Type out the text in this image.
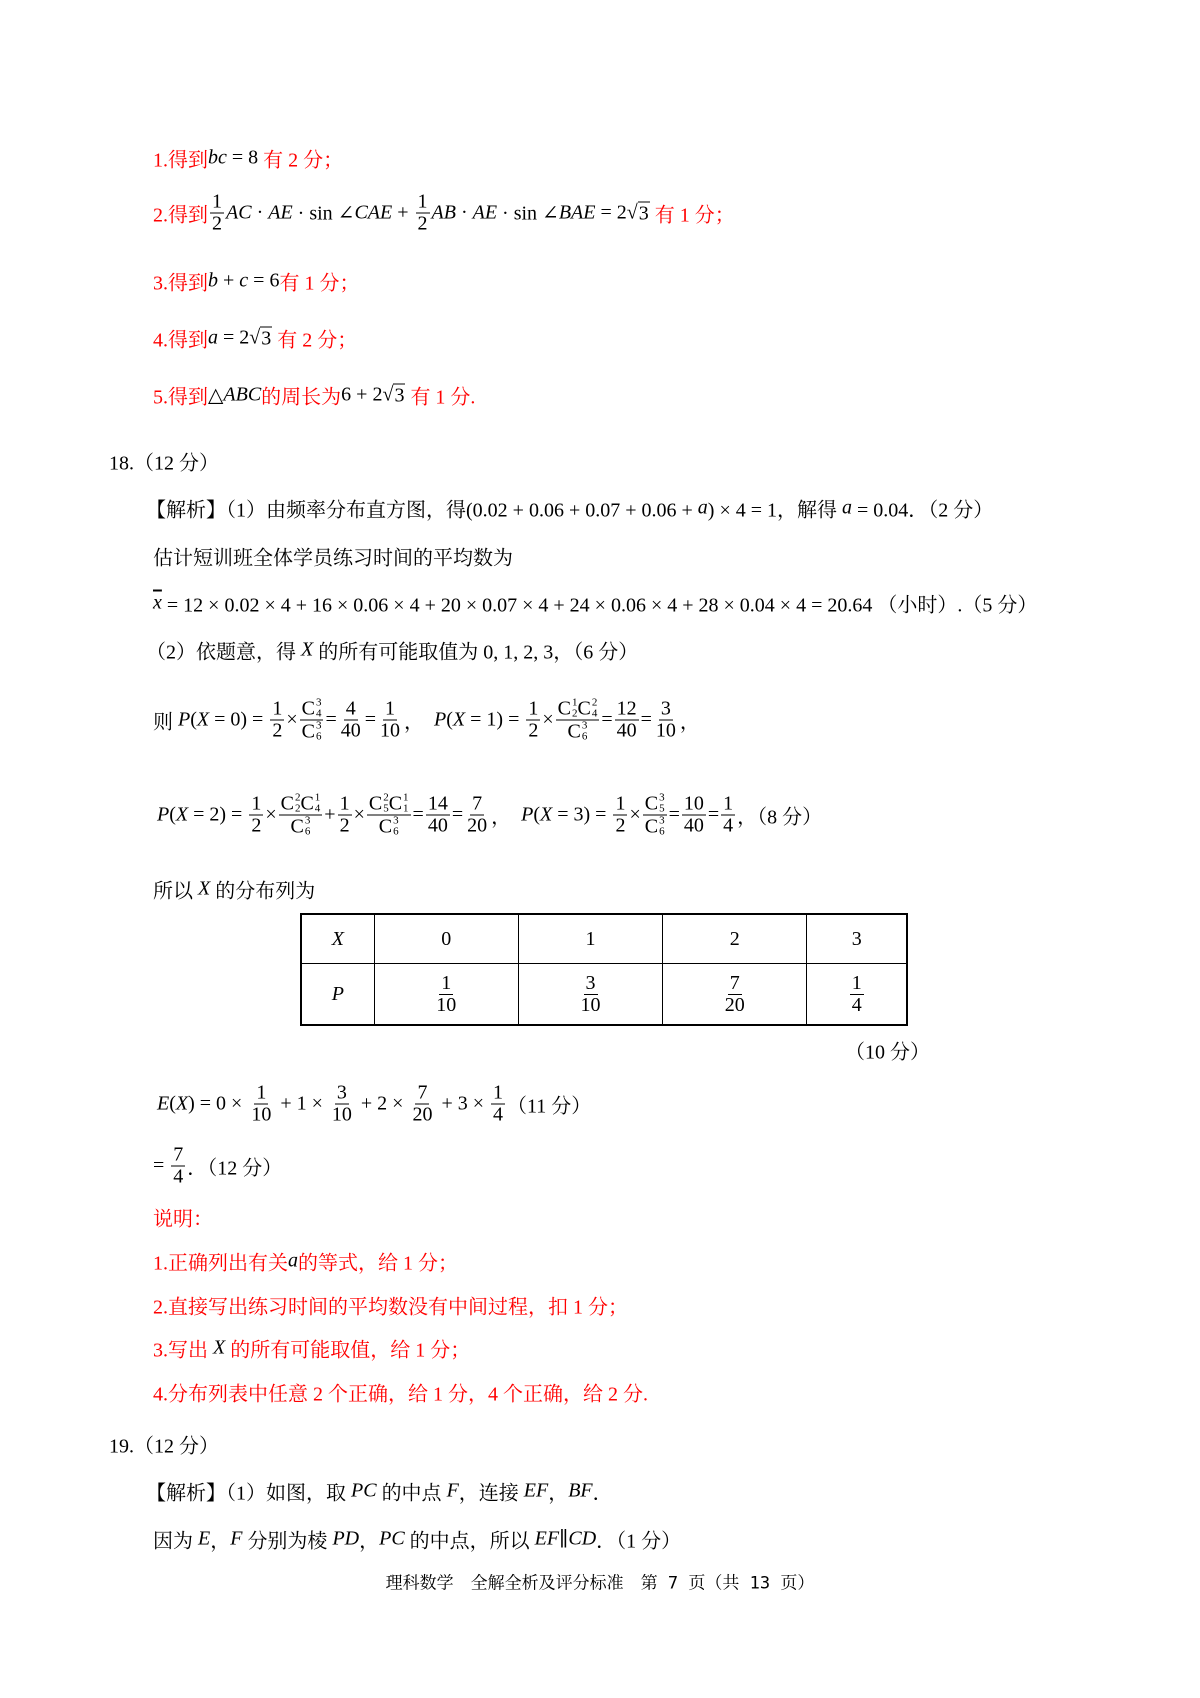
1.得到 bc = 8 有 2 分；
2.得到 $\frac{1}{2}$ AC · AE · sin ∠ CAE + $\frac{1}{2}$ AB · AE · sin ∠ BAE = 2 √ 3 有 1 分；
3.得到 b + c = 6 有 1 分；
4.得到 a = 2 √ 3 有 2 分；
5.得到 △ ABC 的周长为 6 + 2 √ 3 有 1 分.
18.（12 分）
【解析】（1）由频率分布直方图，得(0.02 + 0.06 + 0.07 + 0.06 + a ) × 4 = 1，解得 a = 0.04．（2 分）
估计短训班全体学员练习时间的平均数为
$\overline{x} = 12 \times 0.02 \times 4 + 16 \times 0.06 \times 4 + 20 \times 0.07 \times 4 + 24 \times 0.06 \times 4 + 28 \times 0.04 \times 4 = 20.64$ （小时）.（5 分）
（2）依题意，得 X 的所有可能取值为 0, 1, 2, 3，（6 分）
则 P ( $X = 0) = \frac{1}{2} \times C$ 3
4
C 3
$6 = \frac{4}{40} = \frac{1}{10}$ ， P ( $X = 1) = \frac{1}{2} \times C$ 1
2 C 2
4
C 3
$6 = \frac{12}{40} = \frac{3}{10}$ ，
P ( $X = 2) = \frac{1}{2} \times C$ 2
2 C 1
4
C 3
$6 + \frac{1}{2} \times C$ 2
5 C 1
1
C 3
$6 = \frac{14}{40} = \frac{7}{20}$ ， P ( $X = 3) = \frac{1}{2} \times C$ 3
5
C 3
$6 = \frac{10}{40} = \frac{1}{4}$ ，（8 分）
所以 X 的分布列为
X	0	1	2	3
P	$\frac{1}{10}$	$\frac{3}{10}$	$\frac{7}{20}$	$\frac{1}{4}$
（10 分）
E ( X ) = $0 \times \frac{1}{10} + 1 \times \frac{3}{10} + 2 \times \frac{7}{20} + 3 \times \frac{1}{4} (11$ 分）
= $\frac{7}{4}$ ．（12 分）
说明：
1.正确列出有关 a 的等式，给 1 分；
2.直接写出练习时间的平均数没有中间过程，扣 1 分；
3.写出 X 的所有可能取值，给 1 分；
4.分布列表中任意 2 个正确，给 1 分，4 个正确，给 2 分.
19.（12 分）
【解析】（1）如图，取 PC 的中点 F ，连接 EF ， BF ．
因为 E ， F 分别为棱 PD ， PC 的中点，所以 EF ∥ CD ．（1 分）
理科数学　全解全析及评分标准　第 7 页（共 13 页）
